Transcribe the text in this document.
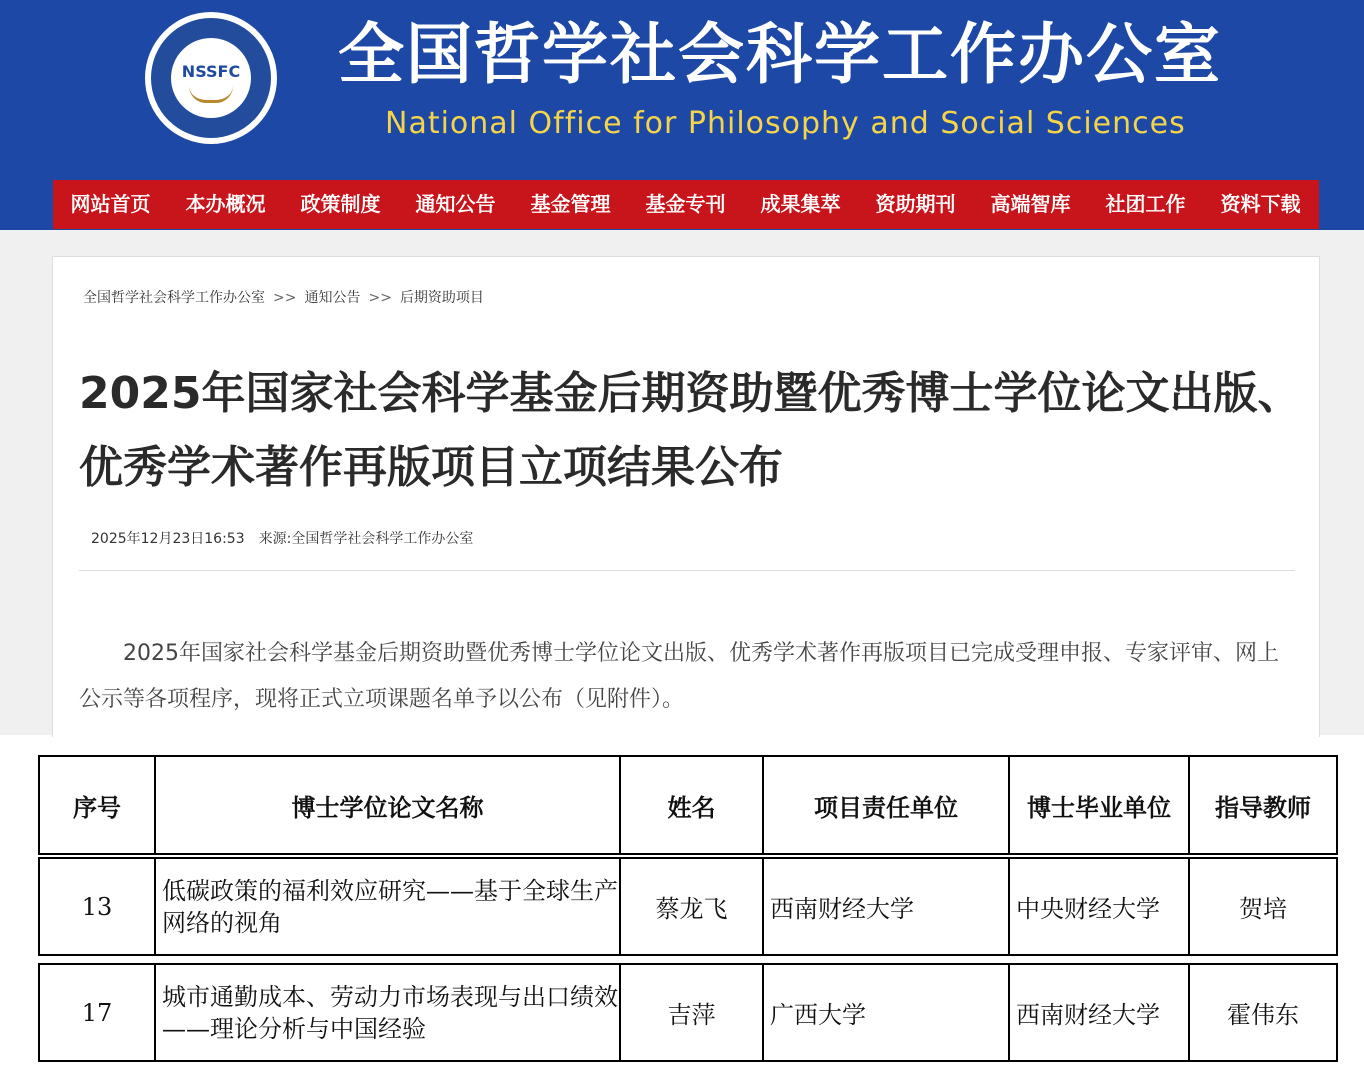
NSSFC 全国哲学社会科学工作办公室
National Office for Philosophy and Social Sciences
网站首页	本办概况	政策制度	通知公告	基金管理	基金专刊	成果集萃	资助期刊	高端智库	社团工作	资料下载
全国哲学社会科学工作办公室 >> 通知公告 >> 后期资助项目
2025年国家社会科学基金后期资助暨优秀博士学位论文出版、优秀学术著作再版项目立项结果公布
2025年12月23日16:53 来源:全国哲学社会科学工作办公室
2025年国家社会科学基金后期资助暨优秀博士学位论文出版、优秀学术著作再版项目已完成受理申报、专家评审、网上公示等各项程序，现将正式立项课题名单予以公布（见附件）。
序号	博士学位论文名称	姓名	项目责任单位	博士毕业单位	指导教师
13	低碳政策的福利效应研究——基于全球生产网络的视角	蔡龙飞	西南财经大学	中央财经大学	贺培
17	城市通勤成本、劳动力市场表现与出口绩效——理论分析与中国经验	吉萍	广西大学	西南财经大学	霍伟东
